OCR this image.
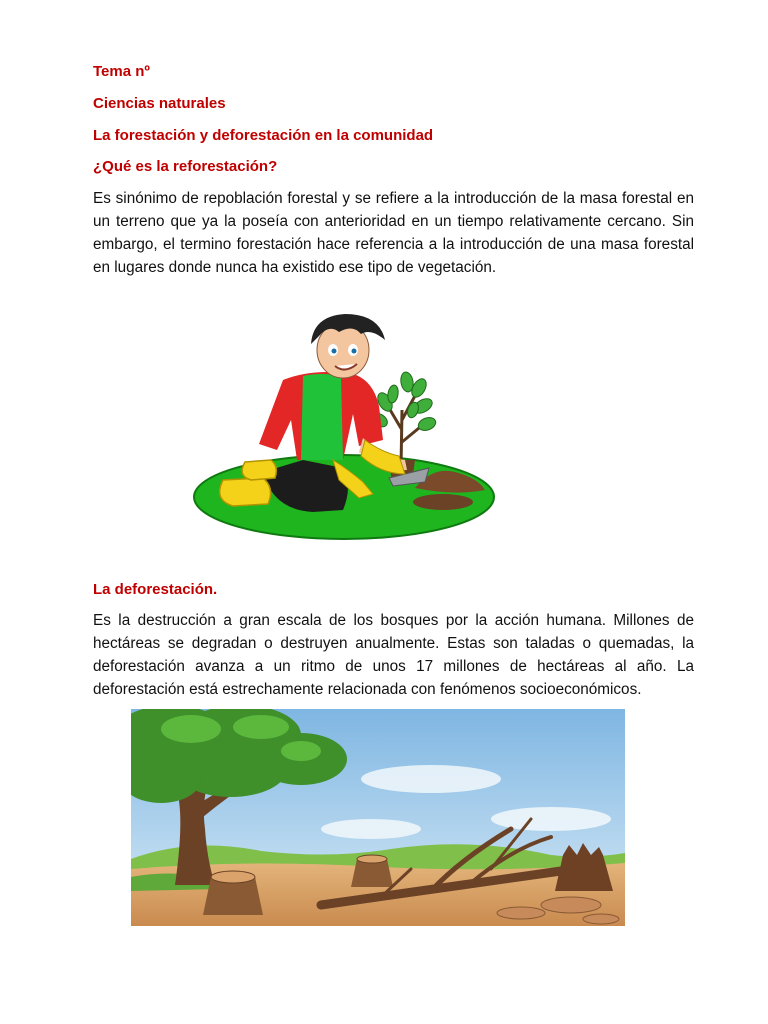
Tema nº
Ciencias naturales
La forestación y deforestación en la comunidad
¿Qué es la reforestación?
Es sinónimo de repoblación forestal y se refiere a la introducción de la masa forestal en un terreno que ya la poseía con anterioridad en un tiempo relativamente cercano. Sin embargo, el termino forestación hace referencia a la introducción de una masa forestal en lugares donde nunca ha existido ese tipo de vegetación.
La deforestación.
Es la destrucción a gran escala de los bosques por la acción humana. Millones de hectáreas se degradan o destruyen anualmente. Estas son taladas o quemadas, la deforestación avanza a un ritmo de unos 17 millones de hectáreas al año. La deforestación está estrechamente relacionada con fenómenos socioeconómicos.
